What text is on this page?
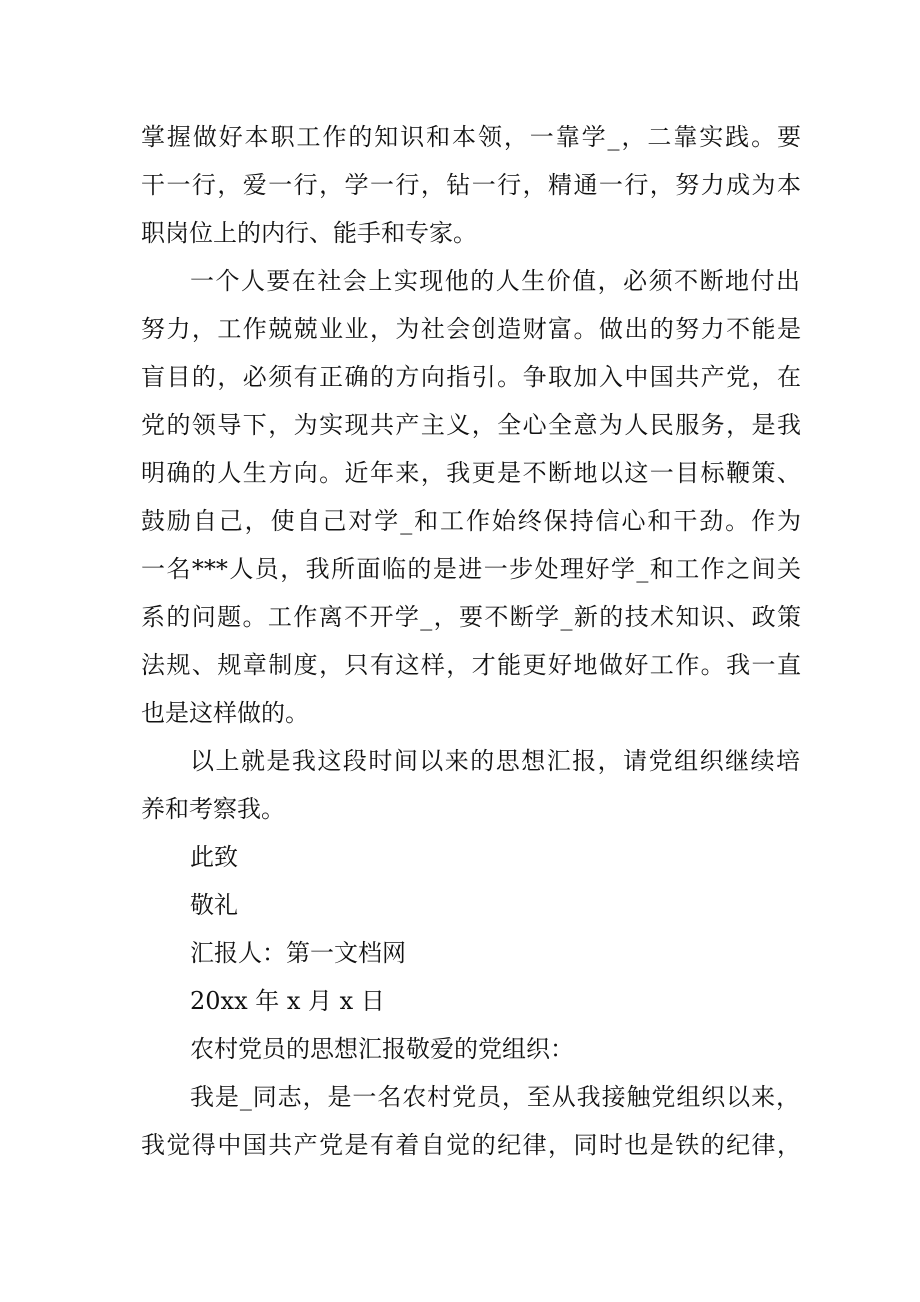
掌握做好本职工作的知识和本领，一靠学_，二靠实践。要
干一行，爱一行，学一行，钻一行，精通一行，努力成为本
职岗位上的内行、能手和专家。
一个人要在社会上实现他的人生价值，必须不断地付出
努力，工作兢兢业业，为社会创造财富。做出的努力不能是
盲目的，必须有正确的方向指引。争取加入中国共产党，在
党的领导下，为实现共产主义，全心全意为人民服务，是我
明确的人生方向。近年来，我更是不断地以这一目标鞭策、
鼓励自己，使自己对学_和工作始终保持信心和干劲。作为
一名***人员，我所面临的是进一步处理好学_和工作之间关
系的问题。工作离不开学_，要不断学_新的技术知识、政策
法规、规章制度，只有这样，才能更好地做好工作。我一直
也是这样做的。
以上就是我这段时间以来的思想汇报，请党组织继续培
养和考察我。
此致
敬礼
汇报人：第一文档网
20xx 年 x 月 x 日
农村党员的思想汇报敬爱的党组织：
我是_同志，是一名农村党员，至从我接触党组织以来，
我觉得中国共产党是有着自觉的纪律，同时也是铁的纪律，
